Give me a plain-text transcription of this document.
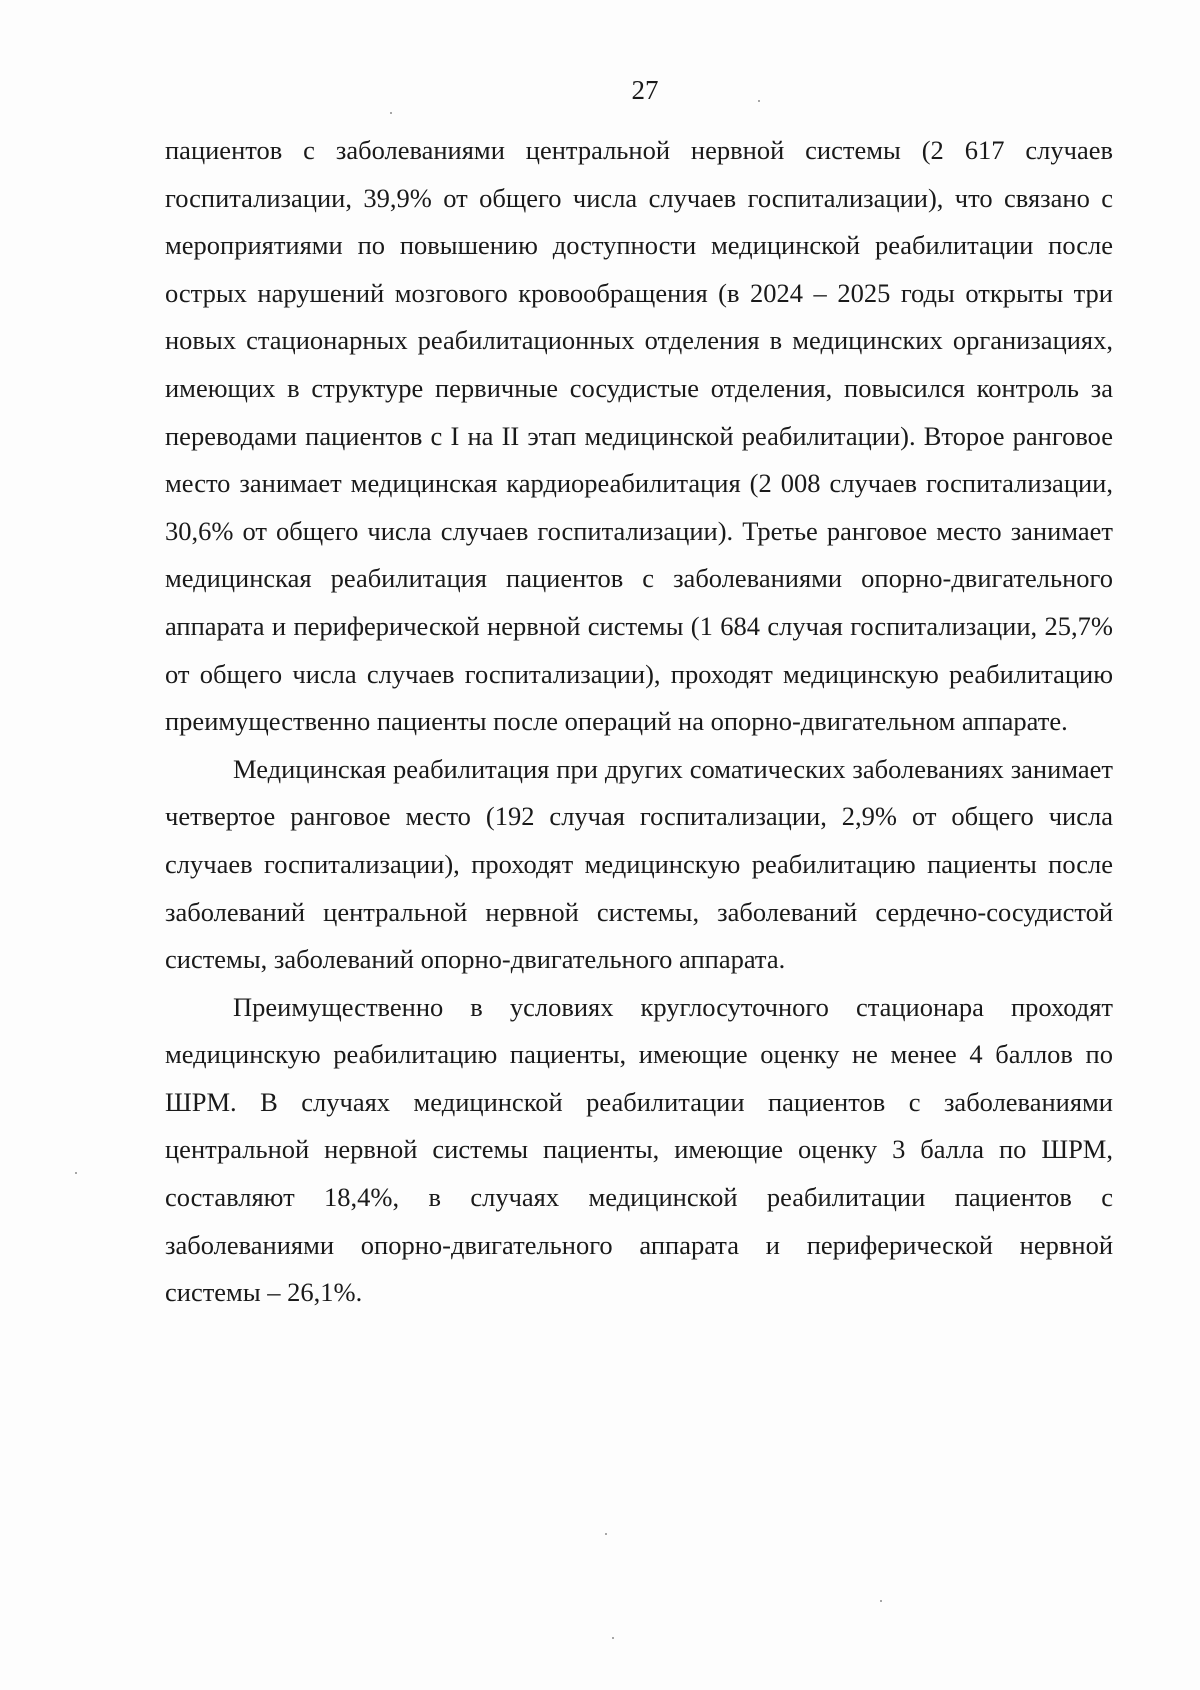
27

пациентов с заболеваниями центральной нервной системы (2 617 случаев госпитализации, 39,9% от общего числа случаев госпитализации), что связано с мероприятиями по повышению доступности медицинской реабилитации после острых нарушений мозгового кровообращения (в 2024 – 2025 годы открыты три новых стационарных реабилитационных отделения в медицинских организациях, имеющих в структуре первичные сосудистые отделения, повысился контроль за переводами пациентов с I на II этап медицинской реабилитации). Второе ранговое место занимает медицинская кардиореабилитация (2 008 случаев госпитализации, 30,6% от общего числа случаев госпитализации). Третье ранговое место занимает медицинская реабилитация пациентов с заболеваниями опорно-двигательного аппарата и периферической нервной системы (1 684 случая госпитализации, 25,7% от общего числа случаев госпитализации), проходят медицинскую реабилитацию преимущественно пациенты после операций на опорно-двигательном аппарате.

Медицинская реабилитация при других соматических заболеваниях занимает четвертое ранговое место (192 случая госпитализации, 2,9% от общего числа случаев госпитализации), проходят медицинскую реабилитацию пациенты после заболеваний центральной нервной системы, заболеваний сердечно-сосудистой системы, заболеваний опорно-двигательного аппарата.

Преимущественно в условиях круглосуточного стационара проходят медицинскую реабилитацию пациенты, имеющие оценку не менее 4 баллов по ШРМ. В случаях медицинской реабилитации пациентов с заболеваниями центральной нервной системы пациенты, имеющие оценку 3 балла по ШРМ, составляют 18,4%, в случаях медицинской реабилитации пациентов с заболеваниями опорно-двигательного аппарата и периферической нервной системы – 26,1%.
